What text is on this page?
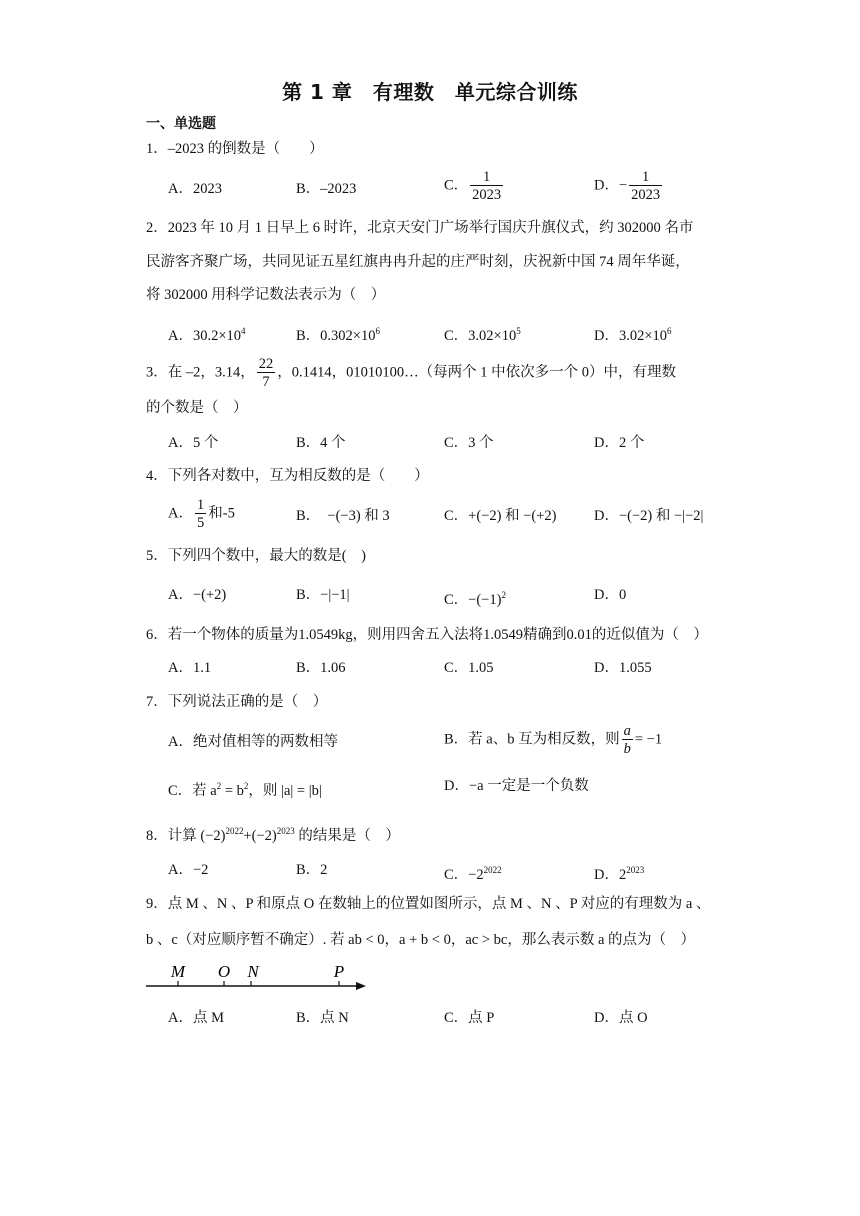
第 1 章　有理数　单元综合训练
一、单选题
1．–2023 的倒数是（　　）
A．2023	B．–2023	C． $\frac{1}{2023}$	D．− $\frac{1}{2023}$
2．2023 年 10 月 1 日早上 6 时许，北京天安门广场举行国庆升旗仪式，约 302000 名市
民游客齐聚广场，共同见证五星红旗冉冉升起的庄严时刻，庆祝新中国 74 周年华诞，
将 302000 用科学记数法表示为（　）
A．$30.2\times 10^4$	B．$0.302\times 10^6$	C．$3.02\times 10^5$	D．$3.02\times 10^6$
3．在 –2，3.14， $\frac{22}{7}$ ，0.1414，01010100…（每两个 1 中依次多一个 0）中，有理数
的个数是（　）
A．5 个	B．4 个	C．3 个	D．2 个
4．下列各对数中，互为相反数的是（　　）
A． $\frac{1}{5}$ 和-5	B．　−(−3) 和 3	C．+(−2) 和 −(+2)	D．−(−2) 和 −|−2|
5．下列四个数中，最大的数是(　)
A．−(+2)	B．−|−1|	C．$-(-1)^2$	D．0
6．若一个物体的质量为1.0549kg，则用四舍五入法将1.0549精确到0.01的近似值为（　）
A．1.1	B．1.06	C．1.05	D．1.055
7．下列说法正确的是（　）
A．绝对值相等的两数相等	B．若 a、b 互为相反数，则 $\frac{a}{b} = -1$
C．若 $a^2 = b^2$，则 |a| = |b|	D．−a 一定是一个负数
8．计算 $(-2)^{2022}+(-2)^{2023}$ 的结果是（　）
A．−2	B．2	C．$-2^{2022}$	D．$2^{2023}$
9．点 M 、N 、P 和原点 O 在数轴上的位置如图所示，点 M 、N 、P 对应的有理数为 a 、
b 、c（对应顺序暂不确定）. 若 ab < 0，a + b < 0，ac > bc，那么表示数 a 的点为（　）
M O N	P
A．点 M	B．点 N	C．点 P	D．点 O
